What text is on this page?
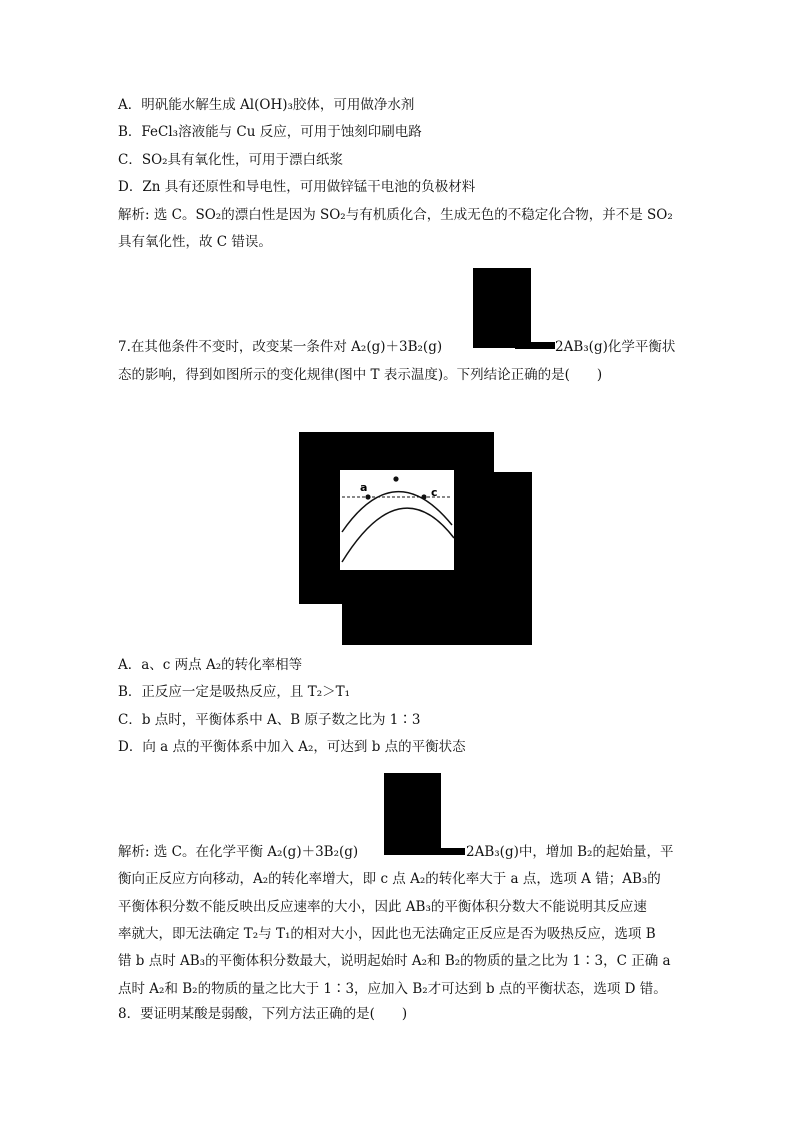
A．明矾能水解生成 Al(OH)₃胶体，可用做净水剂
B．FeCl₃溶液能与 Cu 反应，可用于蚀刻印刷电路
C．SO₂具有氧化性，可用于漂白纸浆
D．Zn 具有还原性和导电性，可用做锌锰干电池的负极材料
解析: 选 C。SO₂的漂白性是因为 SO₂与有机质化合，生成无色的不稳定化合物，并不是 SO₂
具有氧化性，故 C 错误。
7.在其他条件不变时，改变某一条件对 A₂(g)＋3B₂(g)	2AB₃(g)化学平衡状
态的影响，得到如图所示的变化规律(图中 T 表示温度)。下列结论正确的是(　　)
a	c
A．a、c 两点 A₂的转化率相等
B．正反应一定是吸热反应，且 T₂＞T₁
C．b 点时，平衡体系中 A、B 原子数之比为 1∶3
D．向 a 点的平衡体系中加入 A₂，可达到 b 点的平衡状态
解析: 选 C。在化学平衡 A₂(g)＋3B₂(g)	2AB₃(g)中，增加 B₂的起始量，平
衡向正反应方向移动，A₂的转化率增大，即 c 点 A₂的转化率大于 a 点，选项 A 错；AB₃的
平衡体积分数不能反映出反应速率的大小，因此 AB₃的平衡体积分数大不能说明其反应速
率就大，即无法确定 T₂与 T₁的相对大小，因此也无法确定正反应是否为吸热反应，选项 B
错 b 点时 AB₃的平衡体积分数最大，说明起始时 A₂和 B₂的物质的量之比为 1∶3，C 正确 a
点时 A₂和 B₂的物质的量之比大于 1∶3，应加入 B₂才可达到 b 点的平衡状态，选项 D 错。
8．要证明某酸是弱酸，下列方法正确的是(　　)
